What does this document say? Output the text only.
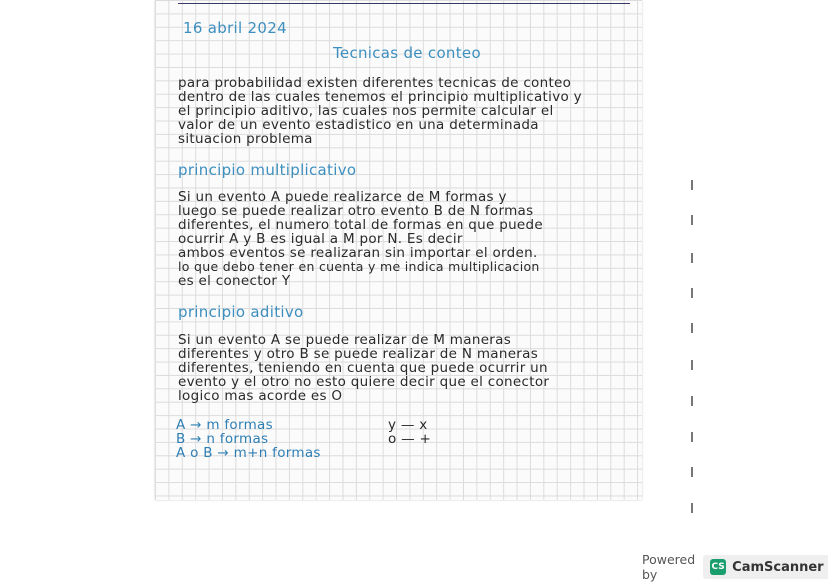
16 abril 2024
Tecnicas de conteo
para probabilidad existen diferentes tecnicas de conteo
dentro de las cuales tenemos el principio multiplicativo y
el principio aditivo, las cuales nos permite calcular el
valor de un evento estadistico en una determinada
situacion problema
principio multiplicativo
Si un evento A puede realizarce de M formas y
luego se puede realizar otro evento B de N formas
diferentes, el numero total de formas en que puede
ocurrir A y B es igual a M por N. Es decir
ambos eventos se realizaran sin importar el orden.
lo que debo tener en cuenta y me indica multiplicacion
es el conector Y
principio aditivo
Si un evento A se puede realizar de M maneras
diferentes y otro B se puede realizar de N maneras
diferentes, teniendo en cuenta que puede ocurrir un
evento y el otro no esto quiere decir que el conector
logico mas acorde es O
A → m formas
B → n formas
A o B → m+n formas
y — x
o — +
Powered by	CS CamScanner
